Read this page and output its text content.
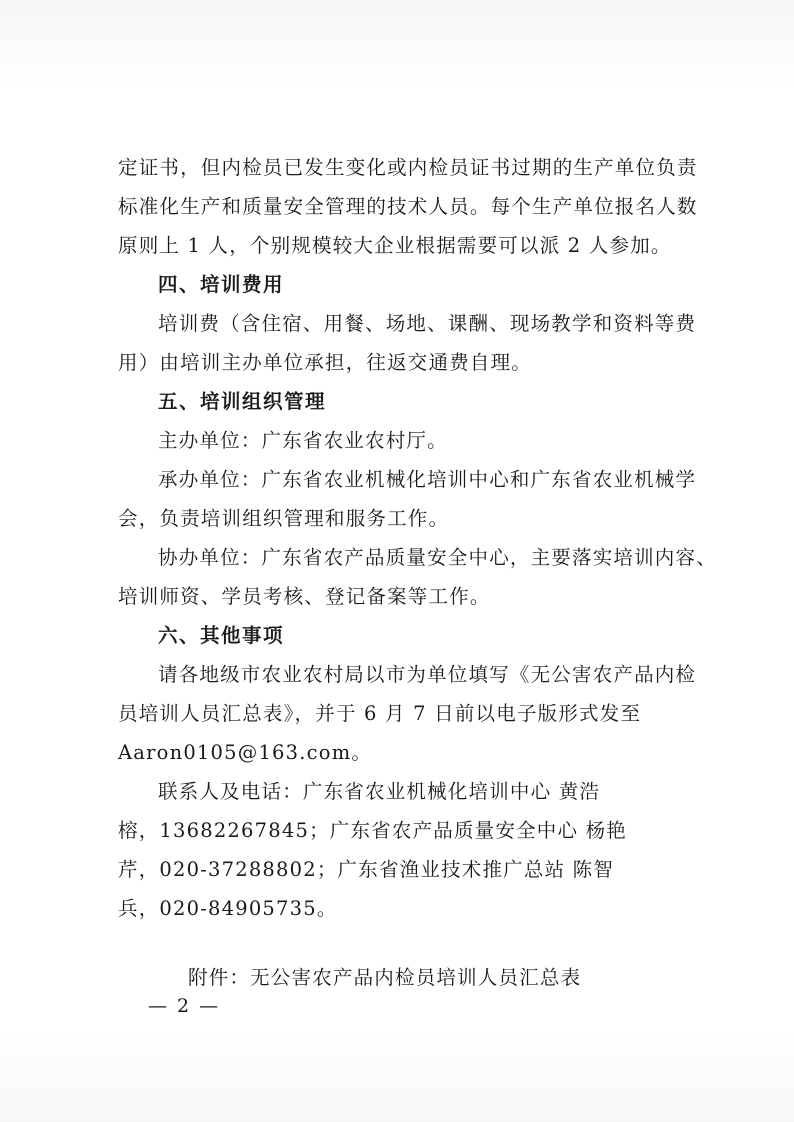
定证书，但内检员已发生变化或内检员证书过期的生产单位负责
标准化生产和质量安全管理的技术人员。每个生产单位报名人数
原则上 1 人，个别规模较大企业根据需要可以派 2 人参加。
四、培训费用
培训费（含住宿、用餐、场地、课酬、现场教学和资料等费
用）由培训主办单位承担，往返交通费自理。
五、培训组织管理
主办单位：广东省农业农村厅。
承办单位：广东省农业机械化培训中心和广东省农业机械学
会，负责培训组织管理和服务工作。
协办单位：广东省农产品质量安全中心，主要落实培训内容、
培训师资、学员考核、登记备案等工作。
六、其他事项
请各地级市农业农村局以市为单位填写《无公害农产品内检
员培训人员汇总表》，并于 6 月 7 日前以电子版形式发至
Aaron0105@163.com。
联系人及电话：广东省农业机械化培训中心 黄浩
榕，13682267845；广东省农产品质量安全中心 杨艳
芹，020-37288802；广东省渔业技术推广总站 陈智
兵，020-84905735。
附件：无公害农产品内检员培训人员汇总表
— 2 —
